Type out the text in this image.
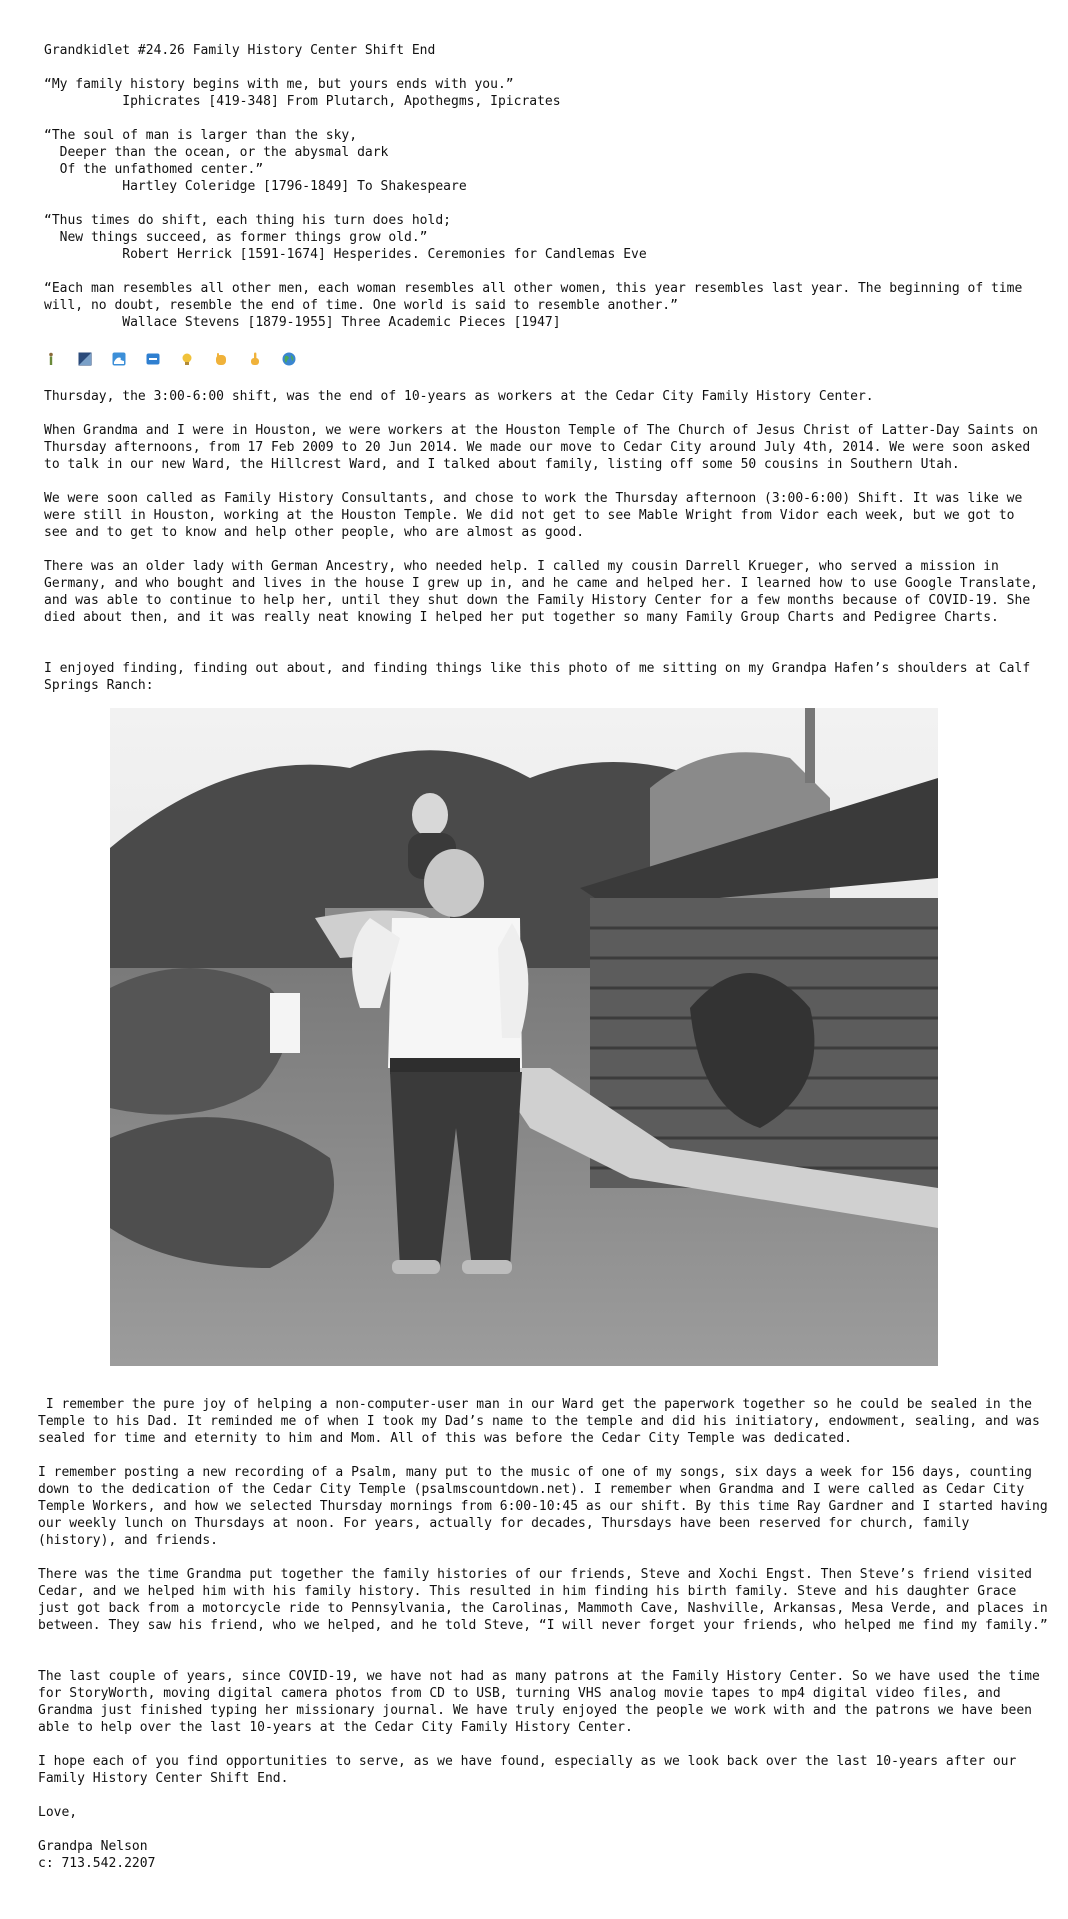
Grandkidlet #24.26 Family History Center Shift End
“My family history begins with me, but yours ends with you.”
Iphicrates [419-348] From Plutarch, Apothegms, Ipicrates
“The soul of man is larger than the sky,
Deeper than the ocean, or the abysmal dark
Of the unfathomed center.”
Hartley Coleridge [1796-1849] To Shakespeare
“Thus times do shift, each thing his turn does hold;
New things succeed, as former things grow old.”
Robert Herrick [1591-1674] Hesperides. Ceremonies for Candlemas Eve
“Each man resembles all other men, each woman resembles all other women, this year resembles last year. The beginning of time will, no doubt, resemble the end of time. One world is said to resemble another.”
Wallace Stevens [1879-1955] Three Academic Pieces [1947]
Thursday, the 3:00-6:00 shift, was the end of 10-years as workers at the Cedar City Family History Center.
When Grandma and I were in Houston, we were workers at the Houston Temple of The Church of Jesus Christ of Latter-Day Saints on Thursday afternoons, from 17 Feb 2009 to 20 Jun 2014. We made our move to Cedar City around July 4th, 2014. We were soon asked to talk in our new Ward, the Hillcrest Ward, and I talked about family, listing off some 50 cousins in Southern Utah.
We were soon called as Family History Consultants, and chose to work the Thursday afternoon (3:00-6:00) Shift. It was like we were still in Houston, working at the Houston Temple. We did not get to see Mable Wright from Vidor each week, but we got to see and to get to know and help other people, who are almost as good.
There was an older lady with German Ancestry, who needed help. I called my cousin Darrell Krueger, who served a mission in Germany, and who bought and lives in the house I grew up in, and he came and helped her. I learned how to use Google Translate, and was able to continue to help her, until they shut down the Family History Center for a few months because of COVID-19. She died about then, and it was really neat knowing I helped her put together so many Family Group Charts and Pedigree Charts.
I enjoyed finding, finding out about, and finding things like this photo of me sitting on my Grandpa Hafen’s shoulders at Calf Springs Ranch:
I remember the pure joy of helping a non-computer-user man in our Ward get the paperwork together so he could be sealed in the Temple to his Dad. It reminded me of when I took my Dad’s name to the temple and did his initiatory, endowment, sealing, and was sealed for time and eternity to him and Mom. All of this was before the Cedar City Temple was dedicated.
I remember posting a new recording of a Psalm, many put to the music of one of my songs, six days a week for 156 days, counting down to the dedication of the Cedar City Temple (psalmscountdown.net). I remember when Grandma and I were called as Cedar City Temple Workers, and how we selected Thursday mornings from 6:00-10:45 as our shift. By this time Ray Gardner and I started having our weekly lunch on Thursdays at noon. For years, actually for decades, Thursdays have been reserved for church, family (history), and friends.
There was the time Grandma put together the family histories of our friends, Steve and Xochi Engst. Then Steve’s friend visited Cedar, and we helped him with his family history. This resulted in him finding his birth family. Steve and his daughter Grace just got back from a motorcycle ride to Pennsylvania, the Carolinas, Mammoth Cave, Nashville, Arkansas, Mesa Verde, and places in between. They saw his friend, who we helped, and he told Steve, “I will never forget your friends, who helped me find my family.”
The last couple of years, since COVID-19, we have not had as many patrons at the Family History Center. So we have used the time for StoryWorth, moving digital camera photos from CD to USB, turning VHS analog movie tapes to mp4 digital video files, and Grandma just finished typing her missionary journal. We have truly enjoyed the people we work with and the patrons we have been able to help over the last 10-years at the Cedar City Family History Center.
I hope each of you find opportunities to serve, as we have found, especially as we look back over the last 10-years after our Family History Center Shift End.
Love,
Grandpa Nelson
c: 713.542.2207
